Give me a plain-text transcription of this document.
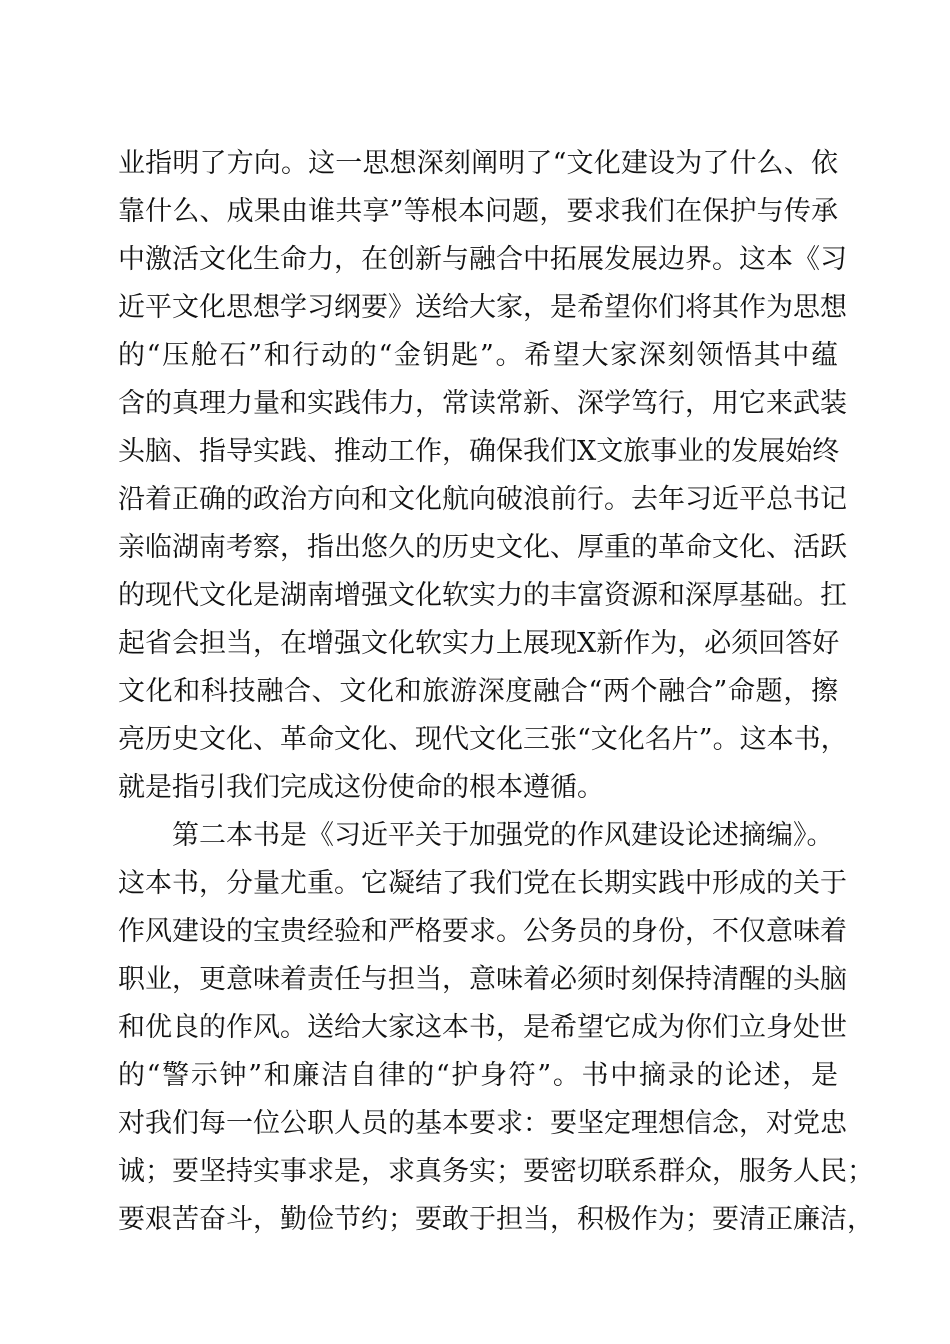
业指明了方向。这一思想深刻阐明了“文化建设为了什么、依
靠什么、成果由谁共享”等根本问题，要求我们在保护与传承
中激活文化生命力，在创新与融合中拓展发展边界。这本《习
近平文化思想学习纲要》送给大家，是希望你们将其作为思想
的“压舱石”和行动的“金钥匙”。希望大家深刻领悟其中蕴
含的真理力量和实践伟力，常读常新、深学笃行，用它来武装
头脑、指导实践、推动工作，确保我们X文旅事业的发展始终
沿着正确的政治方向和文化航向破浪前行。去年习近平总书记
亲临湖南考察，指出悠久的历史文化、厚重的革命文化、活跃
的现代文化是湖南增强文化软实力的丰富资源和深厚基础。扛
起省会担当，在增强文化软实力上展现X新作为，必须回答好
文化和科技融合、文化和旅游深度融合“两个融合”命题，擦
亮历史文化、革命文化、现代文化三张“文化名片”。这本书，
就是指引我们完成这份使命的根本遵循。
第二本书是《习近平关于加强党的作风建设论述摘编》。
这本书，分量尤重。它凝结了我们党在长期实践中形成的关于
作风建设的宝贵经验和严格要求。公务员的身份，不仅意味着
职业，更意味着责任与担当，意味着必须时刻保持清醒的头脑
和优良的作风。送给大家这本书，是希望它成为你们立身处世
的“警示钟”和廉洁自律的“护身符”。书中摘录的论述，是
对我们每一位公职人员的基本要求：要坚定理想信念，对党忠
诚；要坚持实事求是，求真务实；要密切联系群众，服务人民；
要艰苦奋斗，勤俭节约；要敢于担当，积极作为；要清正廉洁，
